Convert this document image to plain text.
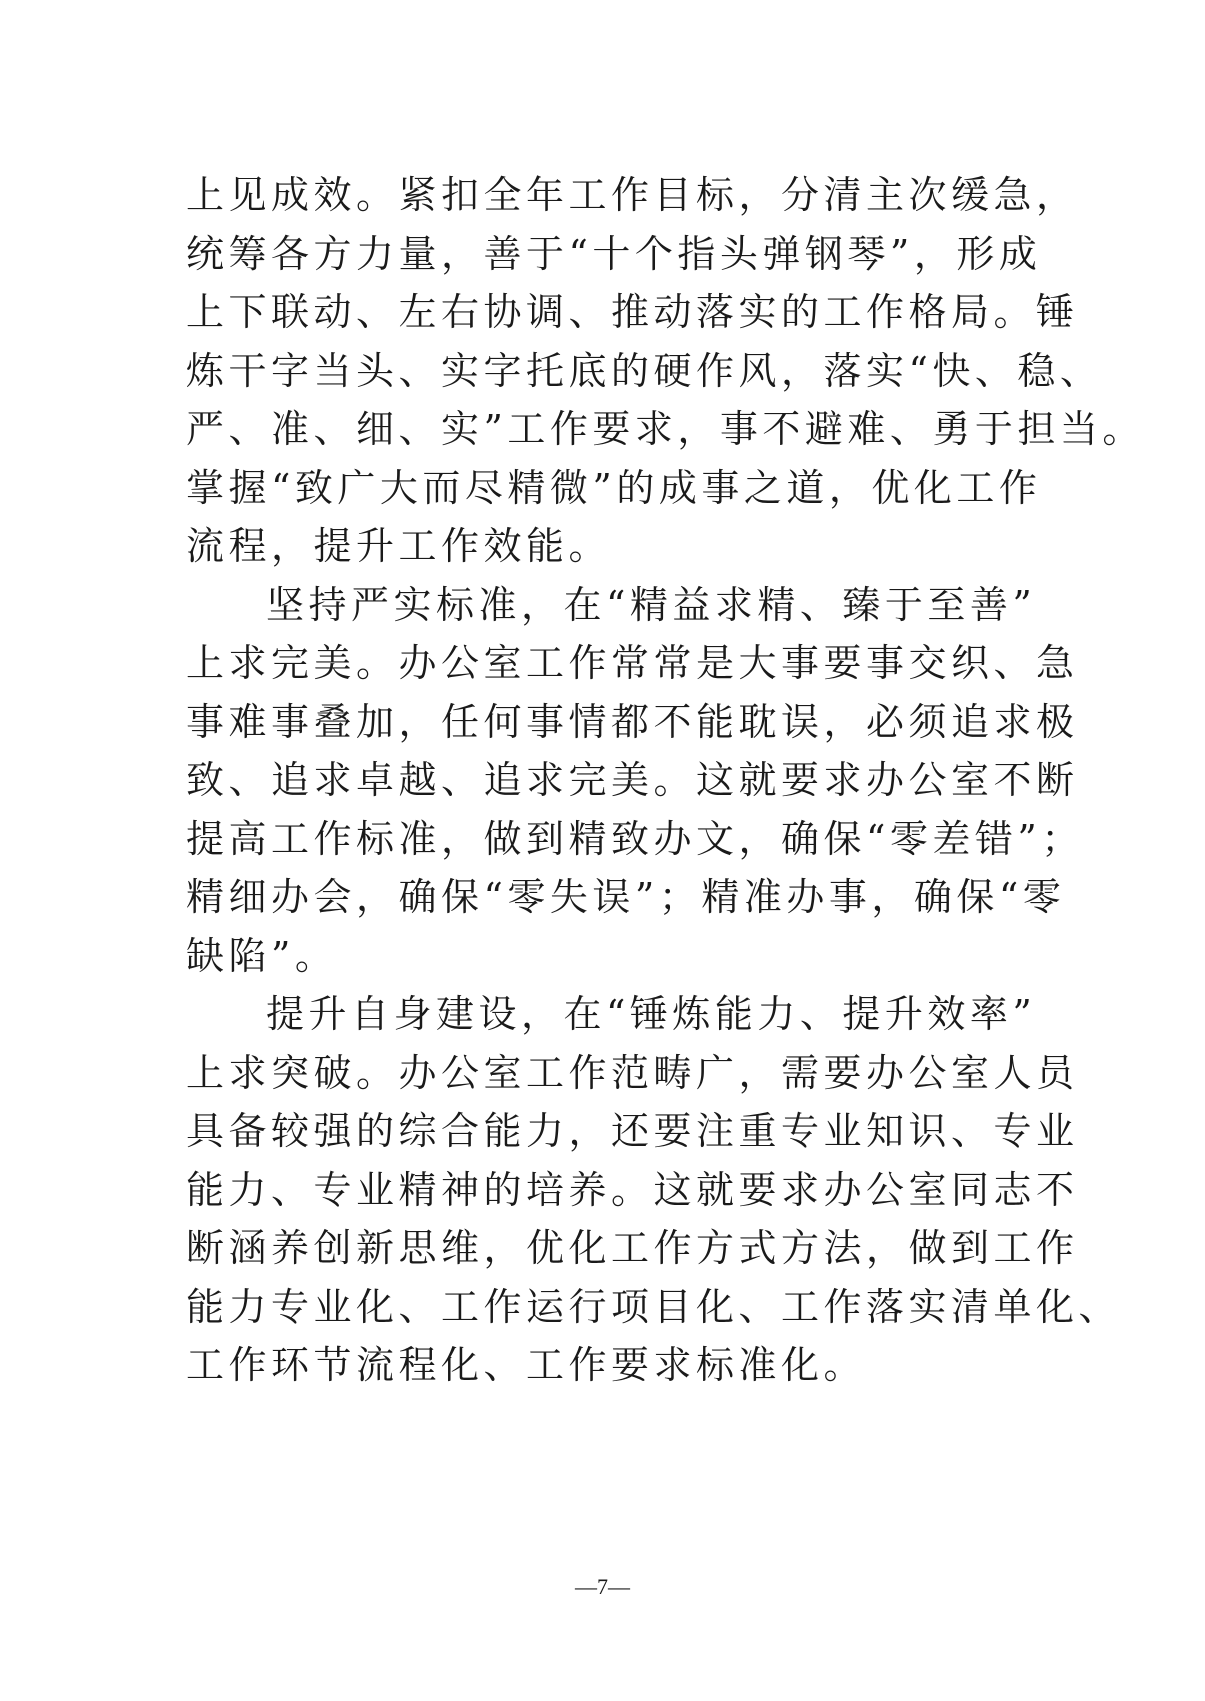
上见成效。紧扣全年工作目标，分清主次缓急，
统筹各方力量，善于“十个指头弹钢琴”，形成
上下联动、左右协调、推动落实的工作格局。锤
炼干字当头、实字托底的硬作风，落实“快、稳、
严、准、细、实”工作要求，事不避难、勇于担当。
掌握“致广大而尽精微”的成事之道，优化工作
流程，提升工作效能。
坚持严实标准，在“精益求精、臻于至善”
上求完美。办公室工作常常是大事要事交织、急
事难事叠加，任何事情都不能耽误，必须追求极
致、追求卓越、追求完美。这就要求办公室不断
提高工作标准，做到精致办文，确保“零差错”；
精细办会，确保“零失误”；精准办事，确保“零
缺陷”。
提升自身建设，在“锤炼能力、提升效率”
上求突破。办公室工作范畴广，需要办公室人员
具备较强的综合能力，还要注重专业知识、专业
能力、专业精神的培养。这就要求办公室同志不
断涵养创新思维，优化工作方式方法，做到工作
能力专业化、工作运行项目化、工作落实清单化、
工作环节流程化、工作要求标准化。
—7—
